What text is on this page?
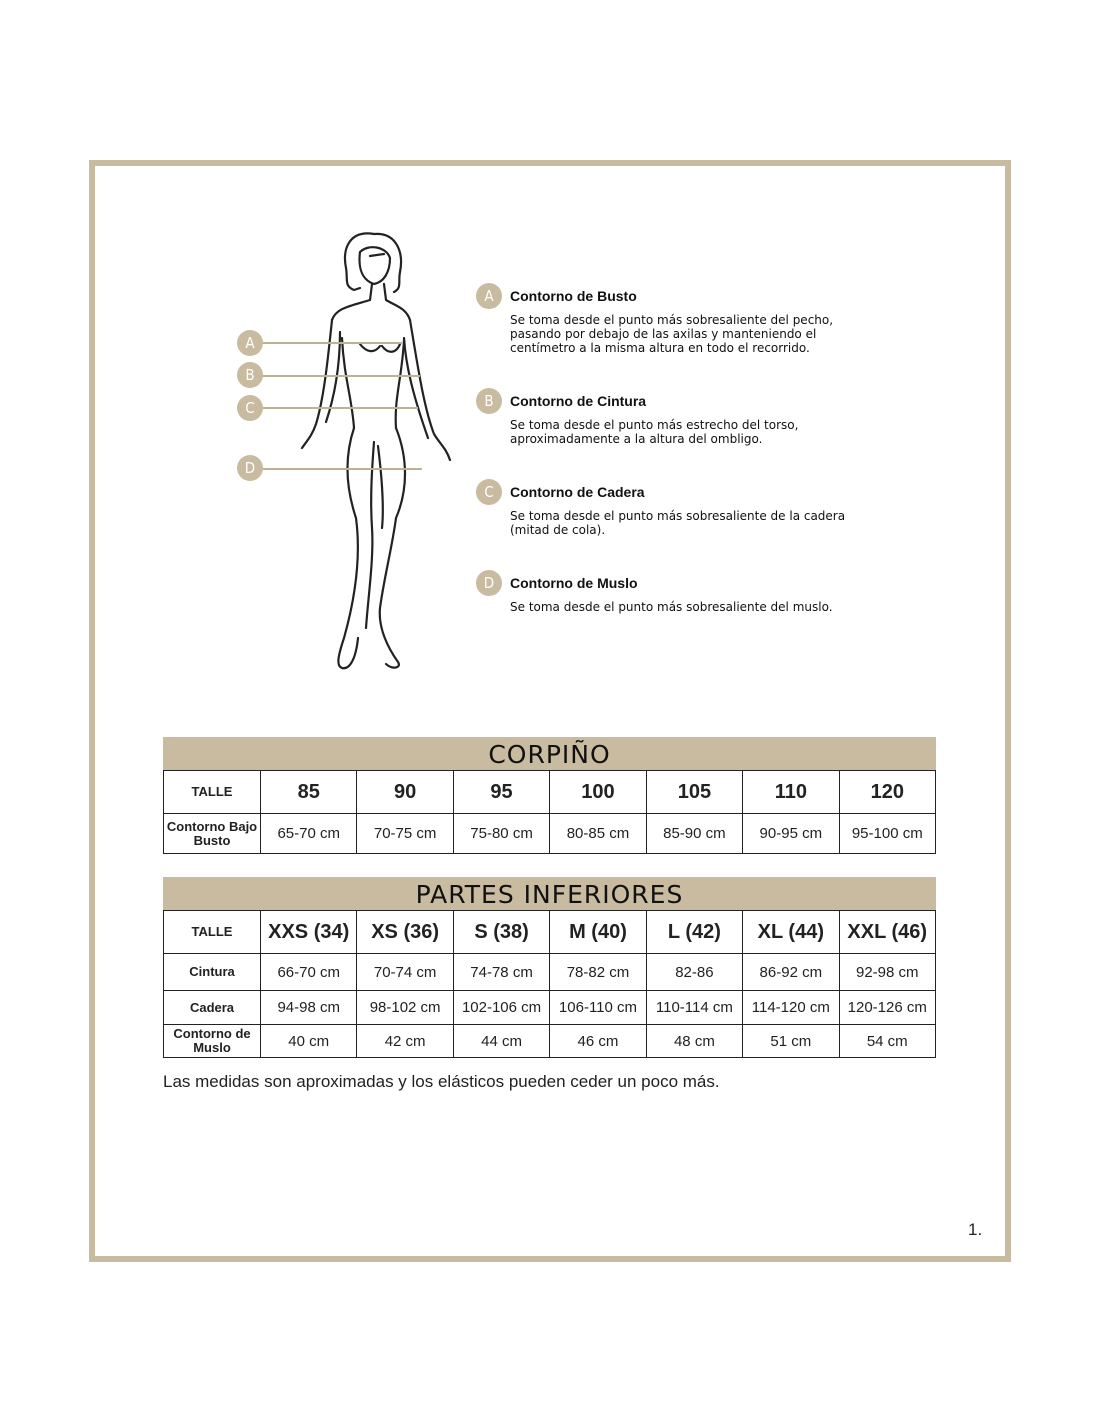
A
B
C
D
A	Contorno de Busto
Se toma desde el punto más sobresaliente del pecho, pasando por debajo de las axilas y manteniendo el centímetro a la misma altura en todo el recorrido.
B	Contorno de Cintura
Se toma desde el punto más estrecho del torso, aproximadamente a la altura del ombligo.
C	Contorno de Cadera
Se toma desde el punto más sobresaliente de la cadera (mitad de cola).
D	Contorno de Muslo
Se toma desde el punto más sobresaliente del muslo.
CORPIÑO
TALLE	85	90	95	100	105	110	120
Contorno Bajo Busto	65-70 cm	70-75 cm	75-80 cm	80-85 cm	85-90 cm	90-95 cm	95-100 cm
PARTES INFERIORES
TALLE	XXS (34)	XS (36)	S (38)	M (40)	L (42)	XL (44)	XXL (46)
Cintura	66-70 cm	70-74 cm	74-78 cm	78-82 cm	82-86	86-92 cm	92-98 cm
Cadera	94-98 cm	98-102 cm	102-106 cm	106-110 cm	110-114 cm	114-120 cm	120-126 cm
Contorno de Muslo	40 cm	42 cm	44 cm	46 cm	48 cm	51 cm	54 cm
Las medidas son aproximadas y los elásticos pueden ceder un poco más.
1.
